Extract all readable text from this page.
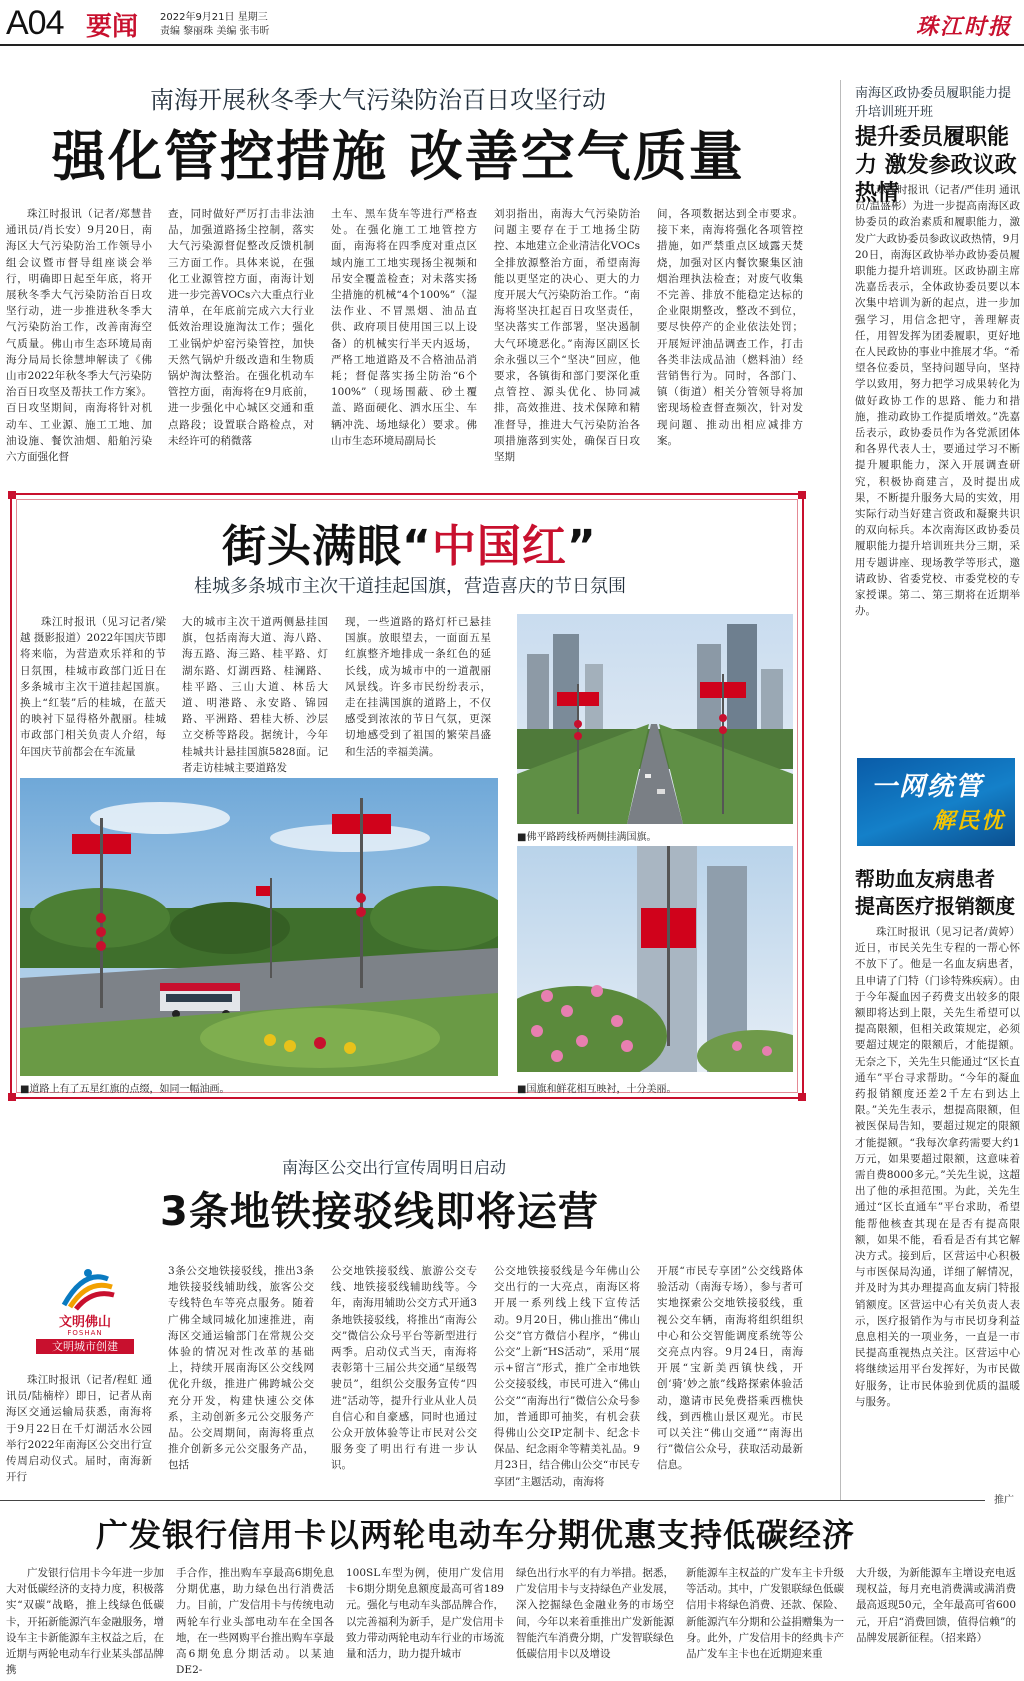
A04 要闻 2022年9月21日 星期三
责编 黎丽珠 美编 张韦昕	珠江时报
南海开展秋冬季大气污染防治百日攻坚行动
强化管控措施 改善空气质量
珠江时报讯（记者/郑慧昔 通讯员/肖长安）9月20日，南海区大气污染防治工作领导小组会议暨市督导组座谈会举行，明确即日起至年底，将开展秋冬季大气污染防治百日攻坚行动，进一步推进秋冬季大气污染防治工作，改善南海空气质量。佛山市生态环境局南海分局局长徐慧坤解读了《佛山市2022年秋冬季大气污染防治百日攻坚及帮扶工作方案》。百日攻坚期间，南海将针对机动车、工业源、施工工地、加油设施、餐饮油烟、船舶污染六方面强化督
查，同时做好严厉打击非法油品，加强道路扬尘控制，落实大气污染源督促整改反馈机制三方面工作。具体来说，在强化工业源管控方面，南海计划进一步完善VOCs六大重点行业清单，在年底前完成六大行业低效治理设施淘汰工作；强化工业锅炉炉窑污染管控，加快天然气锅炉升级改造和生物质锅炉淘汰整治。在强化机动车管控方面，南海将在9月底前，进一步强化中心城区交通和重点路段；设置联合路检点，对未经许可的稍微落
土车、黑车货车等进行严格查处。在强化施工工地管控方面，南海将在四季度对重点区域内施工工地实现扬尘视频和吊安全覆盖检查；对未落实扬尘措施的机械“4个100%”（湿法作业、不冒黑烟、油品直供、政府项目使用国三以上设备）的机械实行半天内返场，严格工地道路及不合格油品消耗；督促落实扬尘防治“6个100%”（现场围蔽、砂土覆盖、路面硬化、洒水压尘、车辆冲洗、场地绿化）要求。佛山市生态环境局副局长
刘羽指出，南海大气污染防治问题主要存在于工地扬尘防控、本地建立企业清洁化VOCs全排放源整治方面，希望南海能以更坚定的决心、更大的力度开展大气污染防治工作。“南海将坚决扛起百日攻坚责任，坚决落实工作部署，坚决遏制大气环境恶化。”南海区副区长余永强以三个“坚决”回应，他要求，各镇街和部门要深化重点管控、源头优化、协同减排，高效推进、技术保障和精准督导，推进大气污染防治各项措施落到实处，确保百日攻坚期
间，各项数据达到全市要求。接下来，南海将强化各项管控措施，如严禁重点区域露天焚烧，加强对区内餐饮聚集区油烟治理执法检查；对废气收集不完善、排放不能稳定达标的企业限期整改，整改不到位，要尽快停产的企业依法处罚；开展短评油品调查工作，打击各类非法成品油（燃料油）经营销售行为。同时，各部门、镇（街道）相关分管领导将加密现场检查督查频次，针对发现问题、推动出相应减排方案。
南海区政协委员履职能力提升培训班开班
提升委员履职能力 激发参政议政热情
珠江时报讯（记者/严佳玥 通讯员/温盛彬）为进一步提高南海区政协委员的政治素质和履职能力，激发广大政协委员参政议政热情，9月20日，南海区政协举办政协委员履职能力提升培训班。区政协副主席冼嘉岳表示，全体政协委员要以本次集中培训为新的起点，进一步加强学习，用信念把守，善理解责任，用智发挥为团委履职，更好地在人民政协的事业中推展才华。“希望各位委员，坚持问题导向，坚持学以致用，努力把学习成果转化为做好政协工作的思路、能力和措施，推动政协工作提质增效。”冼嘉岳表示，政协委员作为各党派团体和各界代表人士，要通过学习不断提升履职能力，深入开展调查研究，积极协商建言，及时提出成果，不断提升服务大局的实效，用实际行动当好建言资政和凝聚共识的双向标兵。本次南海区政协委员履职能力提升培训班共分三期，采用专题讲座、现场教学等形式，邀请政协、省委党校、市委党校的专家授课。第二、第三期将在近期举办。
街头满眼“中国红”
桂城多条城市主次干道挂起国旗，营造喜庆的节日氛围
珠江时报讯（见习记者/梁越 摄影报道）2022年国庆节即将来临，为营造欢乐祥和的节日氛围，桂城市政部门近日在多条城市主次干道挂起国旗。换上“红装”后的桂城，在蓝天的映衬下显得格外靓丽。桂城市政部门相关负责人介绍，每年国庆节前都会在车流量
大的城市主次干道两侧悬挂国旗，包括南海大道、海八路、海五路、海三路、桂平路、灯湖东路、灯湖西路、桂澜路、桂平路、三山大道、林岳大道、明港路、永安路、锦园路、平洲路、碧桂大桥、沙层立交桥等路段。据统计，今年桂城共计悬挂国旗5828面。记者走访桂城主要道路发
现，一些道路的路灯杆已悬挂国旗。放眼望去，一面面五星红旗整齐地排成一条红色的延长线，成为城市中的一道靓丽风景线。许多市民纷纷表示，走在挂满国旗的道路上，不仅感受到浓浓的节日气氛，更深切地感受到了祖国的繁荣昌盛和生活的幸福美满。
■佛平路跨线桥两侧挂满国旗。
■道路上有了五星红旗的点缀，如同一幅油画。	■国旗和鲜花相互映衬，十分美丽。
一网统管
解民忧
帮助血友病患者 提高医疗报销额度
珠江时报讯（见习记者/黄婷）近日，市民关先生专程的一帮心怀不放下了。他是一名血友病患者，且申请了门特（门诊特殊疾病）。由于今年凝血因子药费支出较多的限额即将达到上限，关先生希望可以提高限额，但相关政策规定，必须要超过规定的限额后，才能提额。无奈之下，关先生只能通过“区长直通车”平台寻求帮助。“今年的凝血药报销额度还差2千左右到达上限。”关先生表示，想提高限额，但被医保局告知，要超过规定的限额才能提额。“我每次拿药需要大约1万元，如果要超过限额，这意味着需自费8000多元。”关先生说，这超出了他的承担范围。为此，关先生通过“区长直通车”平台求助，希望能帮他核查其现在是否有提高限额，如果不能，看看是否有其它解决方式。接到后，区营运中心积极与市医保局沟通，详细了解情况，并及时为其办理提高血友病门特报销额度。区营运中心有关负责人表示，医疗报销作为与市民切身利益息息相关的一项业务，一直是一市民提高重视热点关注。区营运中心将继续运用平台发挥好，为市民做好服务，让市民体验到优质的温暖与服务。
南海区公交出行宣传周明日启动
3条地铁接驳线即将运营
文明佛山
FOSHAN
文明城市创建
珠江时报讯（记者/程虹 通讯员/陆楠梓）即日，记者从南海区交通运输局获悉，南海将于9月22日在千灯湖活水公园举行2022年南海区公交出行宣传周启动仪式。届时，南海新开行
3条公交地铁接驳线，推出3条地铁接驳线辅助线，旅客公交专线特色车等亮点服务。随着广佛全域同城化加速推进，南海区交通运输部门在常规公交体验的情况对性改革的基础上，持续开展南海区公交线网优化升级，推进广佛跨城公交充分开发，构建快速公交体系，主动创新多元公交服务产品。公交周期间，南海将重点推介创新多元公交服务产品，包括
公交地铁接驳线、旅游公交专线、地铁接驳线辅助线等。今年，南海用辅助公交方式开通3条地铁接驳线，将推出“南海公交”微信公众号平台等新型进行两季。启动仪式当天，南海将表彰第十三届公共交通“星级驾驶员”，组织公交服务宣传“四进”活动等，提升行业从业人员自信心和自豪感，同时也通过公众开放体验等让市民对公交服务变了明出行有进一步认识。
公交地铁接驳线是今年佛山公交出行的一大亮点，南海区将开展一系列线上线下宣传活动。9月20日，佛山推出“佛山公交”官方微信小程序，“佛山公交”上新“HS活动”，采用“展示+留言”形式，推广全市地铁公交接驳线，市民可进入“佛山公交”“南海出行”微信公众号参加，普通即可抽奖，有机会获得佛山公交IP定制卡、纪念卡保品、纪念雨伞等精美礼品。9月23日，结合佛山公交“市民专享团”主题活动，南海将
开展“市民专享团”公交线路体验活动（南海专场），参与者可实地探索公交地铁接驳线，重视公交车辆，南海将组织组织中心和公交智能调度系统等公交亮点内容。9月24日，南海开展“宝新美西镇快线，开创‘骑’妙之旅”线路探索体验活动，邀请市民免费搭乘西樵快线，到西樵山景区观光。市民可以关注“佛山交通”“南海出行”微信公众号，获取活动最新信息。
推广
广发银行信用卡以两轮电动车分期优惠支持低碳经济
广发银行信用卡今年进一步加大对低碳经济的支持力度，积极落实“双碳”战略，推上线绿色低碳卡，开拓新能源汽车金融服务，增设车主卡新能源车主权益之后，在近期与两轮电动车行业某头部品牌携
手合作，推出购车享最高6期免息分期优惠，助力绿色出行消费活力。目前，广发信用卡与传统电动两轮车行业头部电动车在全国各地，在一些网购平台推出购车享最高6期免息分期活动。以某迪DE2-
100SL车型为例，使用广发信用卡6期分期免息额度最高可省189元。强化与电动车头部品牌合作，以完善福利为新手，是广发信用卡致力带动两轮电动车行业的市场流量和活力，助力提升城市
绿色出行水平的有力举措。据悉，广发信用卡与支持绿色产业发展，深入挖掘绿色金融业务的市场空间，今年以来着重推出广发新能源智能汽车消费分期，广发智联绿色低碳信用卡以及增设
新能源车主权益的广发车主卡升级等活动。其中，广发银联绿色低碳信用卡将绿色消费、还款、保险、新能源汽车分期和公益捐赠集为一身。此外，广发信用卡的经典卡产品广发车主卡也在近期迎来重
大升级，为新能源车主增设充电返现权益，每月充电消费满或满消费最高返现50元，全年最高可省600元，开启“消费回馈，值得信赖”的品牌发展新征程。（招来路）
